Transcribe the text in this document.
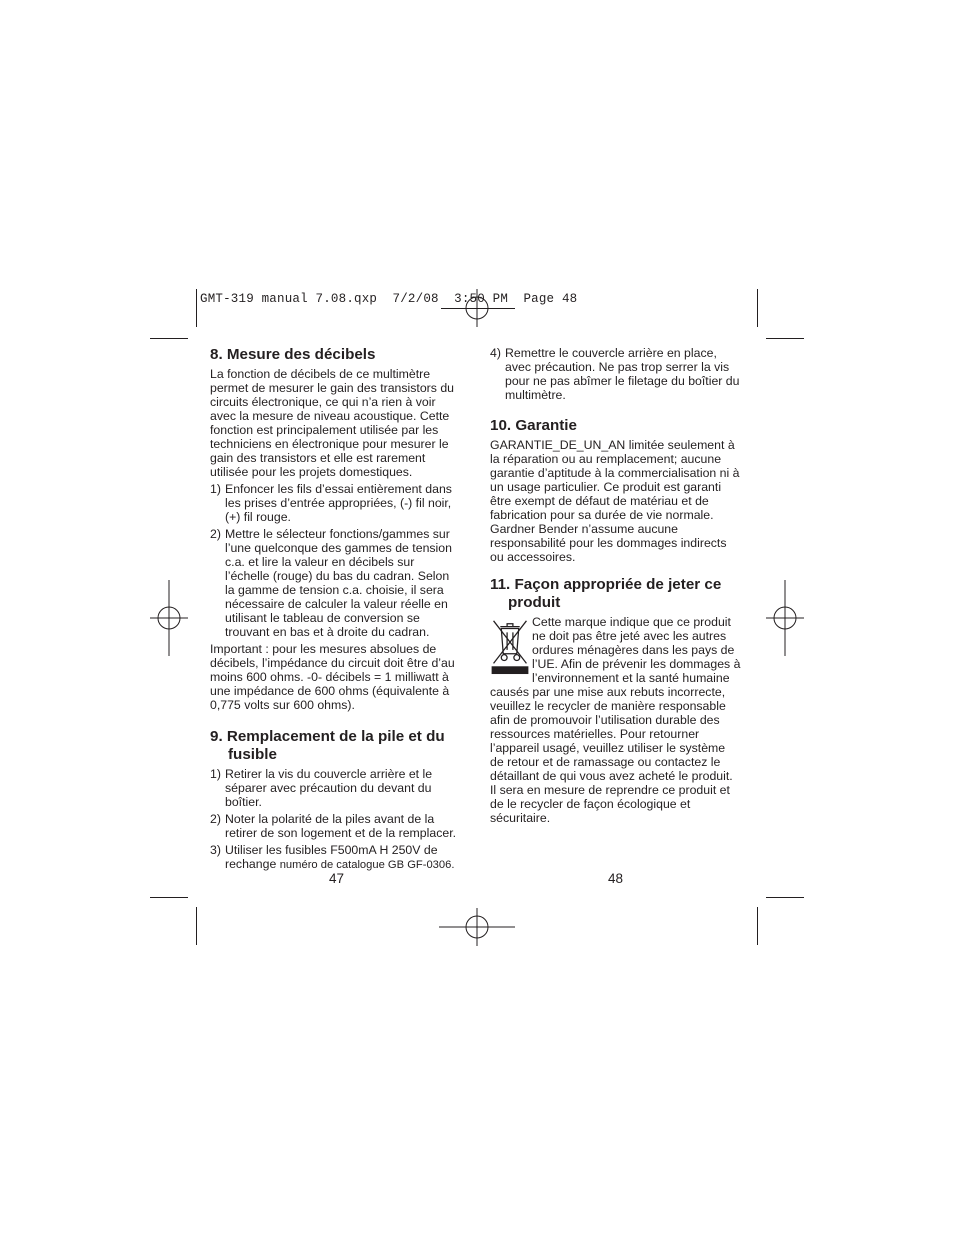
GMT-319 manual 7.08.qxp  7/2/08  3:50 PM  Page 48
8. Mesure des décibels

La fonction de décibels de ce multimètre permet de mesurer le gain des transistors du circuits électronique, ce qui n’a rien à voir avec la mesure de niveau acoustique. Cette fonction est principalement utilisée par les techniciens en électronique pour mesurer le gain des transistors et elle est rarement utilisée pour les projets domestiques.

1) Enfoncer les fils d’essai entièrement dans les prises d’entrée appropriées, (-) fil noir, (+) fil rouge.
2) Mettre le sélecteur fonctions/gammes sur l’une quelconque des gammes de tension c.a. et lire la valeur en décibels sur l’échelle (rouge) du bas du cadran. Selon la gamme de tension c.a. choisie, il sera nécessaire de calculer la valeur réelle en utilisant le tableau de conversion se trouvant en bas et à droite du cadran.

Important : pour les mesures absolues de décibels, l’impédance du circuit doit être d’au moins 600 ohms. -0- décibels = 1 milliwatt à une impédance de 600 ohms (équivalente à 0,775 volts sur 600 ohms).

9. Remplacement de la pile et du fusible
1) Retirer la vis du couvercle arrière et le séparer avec précaution du devant du boîtier.
2) Noter la polarité de la piles avant de la retirer de son logement et de la remplacer.
3) Utiliser les fusibles F500mA H 250V de rechange numéro de catalogue GB GF-0306.
47
4) Remettre le couvercle arrière en place, avec précaution. Ne pas trop serrer la vis pour ne pas abîmer le filetage du boîtier du multimètre.
10. Garantie

GARANTIE_DE_UN_AN limitée seulement à la réparation ou au remplacement; aucune garantie d’aptitude à la commercialisation ni à un usage particulier. Ce produit est garanti être exempt de défaut de matériau et de fabrication pour sa durée de vie normale. Gardner Bender n’assume aucune responsabilité pour les dommages indirects ou accessoires.

11. Façon appropriée de jeter ce produit
Cette marque indique que ce produit
ne doit pas être jeté avec les autres
ordures ménagères dans les pays de
l’UE. Afin de prévenir les dommages à
l’environnement et la santé humaine

causés par une mise aux rebuts incorrecte, veuillez le recycler de manière responsable afin de promouvoir l’utilisation durable des ressources matérielles. Pour retourner l’appareil usagé, veuillez utiliser le système de retour et de ramassage ou contactez le détaillant de qui vous avez acheté le produit. Il sera en mesure de reprendre ce produit et de le recycler de façon écologique et sécuritaire.

48
